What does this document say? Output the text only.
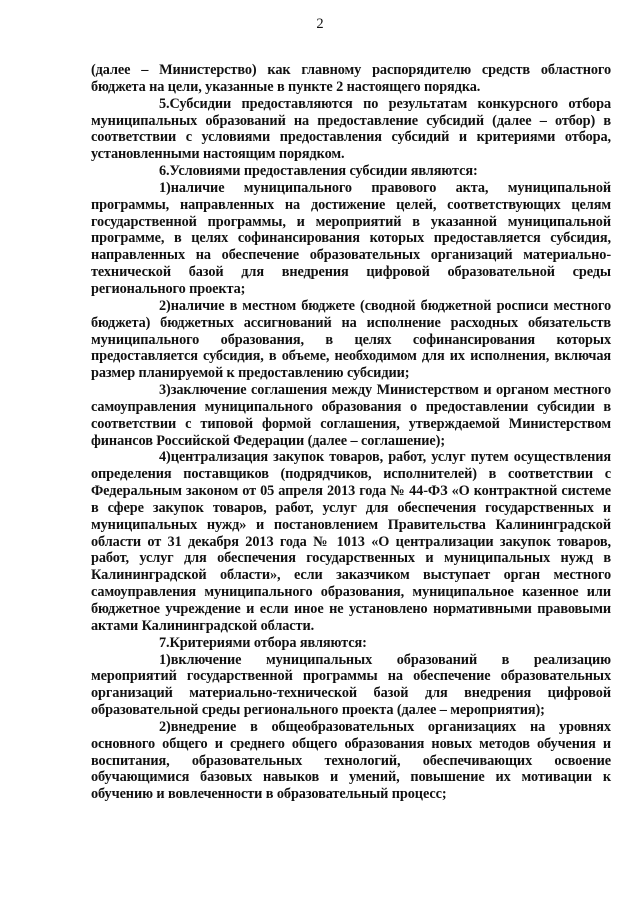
2

(далее – Министерство) как главному распорядителю средств областного бюджета на цели, указанные в пункте 2 настоящего порядка.

5.Субсидии предоставляются по результатам конкурсного отбора муниципальных образований на предоставление субсидий (далее – отбор) в соответствии с условиями предоставления субсидий и критериями отбора, установленными настоящим порядком.

6.Условиями предоставления субсидии являются:

1)наличие муниципального правового акта, муниципальной программы, направленных на достижение целей, соответствующих целям государственной программы, и мероприятий в указанной муниципальной программе, в целях софинансирования которых предоставляется субсидия, направленных на обеспечение образовательных организаций материально-технической базой для внедрения цифровой образовательной среды регионального проекта;

2)наличие в местном бюджете (сводной бюджетной росписи местного бюджета) бюджетных ассигнований на исполнение расходных обязательств муниципального образования, в целях софинансирования которых предоставляется субсидия, в объеме, необходимом для их исполнения, включая размер планируемой к предоставлению субсидии;

3)заключение соглашения между Министерством и органом местного самоуправления муниципального образования о предоставлении субсидии в соответствии с типовой формой соглашения, утверждаемой Министерством финансов Российской Федерации (далее – соглашение);

4)централизация закупок товаров, работ, услуг путем осуществления определения поставщиков (подрядчиков, исполнителей) в соответствии с Федеральным законом от 05 апреля 2013 года № 44-ФЗ «О контрактной системе в сфере закупок товаров, работ, услуг для обеспечения государственных и муниципальных нужд» и постановлением Правительства Калининградской области от 31 декабря 2013 года № 1013 «О централизации закупок товаров, работ, услуг для обеспечения государственных и муниципальных нужд в Калининградской области», если заказчиком выступает орган местного самоуправления муниципального образования, муниципальное казенное или бюджетное учреждение и если иное не установлено нормативными правовыми актами Калининградской области.

7.Критериями отбора являются:

1)включение муниципальных образований в реализацию мероприятий государственной программы на обеспечение образовательных организаций материально-технической базой для внедрения цифровой образовательной среды регионального проекта (далее – мероприятия);

2)внедрение в общеобразовательных организациях на уровнях основного общего и среднего общего образования новых методов обучения и воспитания, образовательных технологий, обеспечивающих освоение обучающимися базовых навыков и умений, повышение их мотивации к обучению и вовлеченности в образовательный процесс;
